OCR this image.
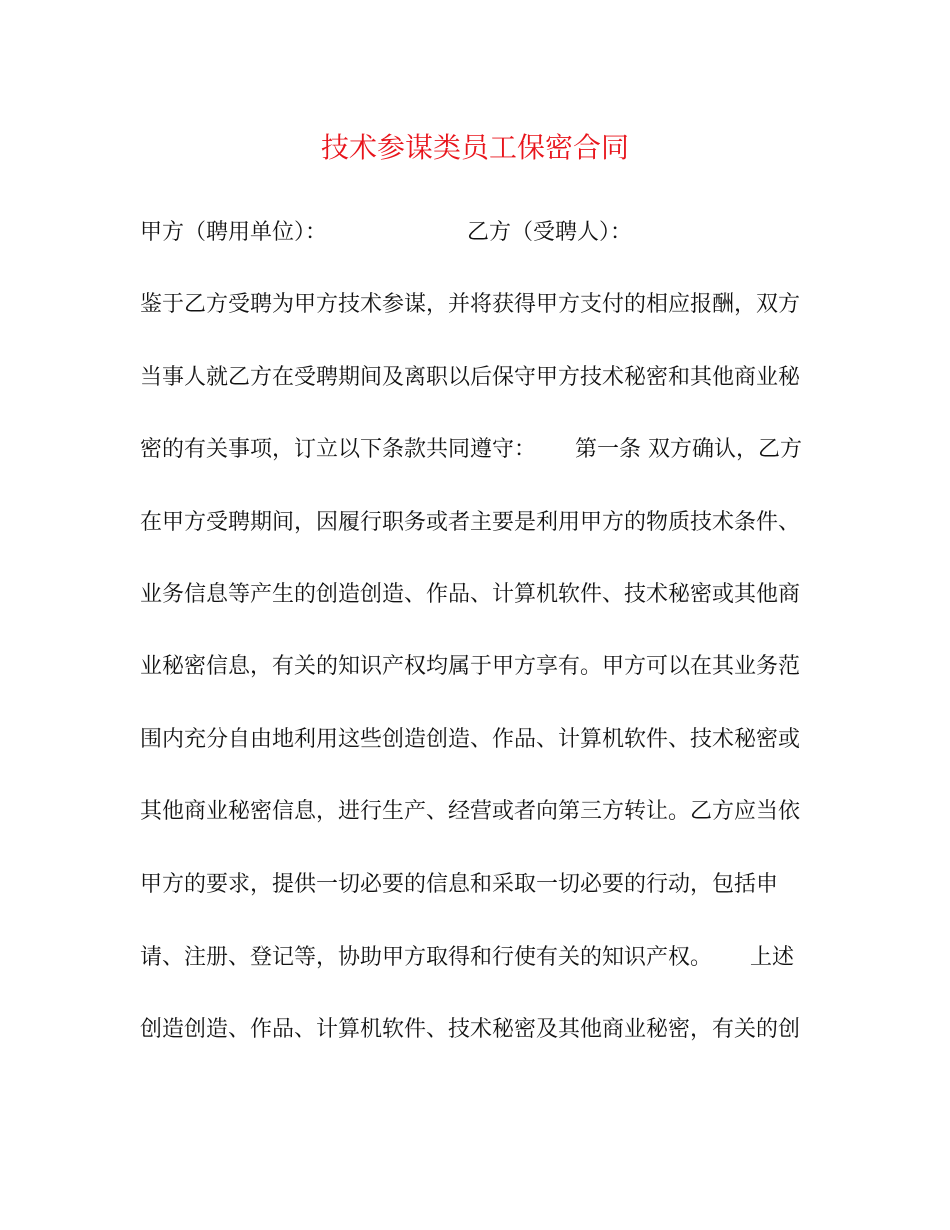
技术参谋类员工保密合同
甲方（聘用单位）：	乙方（受聘人）：
鉴于乙方受聘为甲方技术参谋，并将获得甲方支付的相应报酬，双方
当事人就乙方在受聘期间及离职以后保守甲方技术秘密和其他商业秘
密的有关事项，订立以下条款共同遵守： 第一条 双方确认，乙方
在甲方受聘期间，因履行职务或者主要是利用甲方的物质技术条件、
业务信息等产生的创造创造、作品、计算机软件、技术秘密或其他商
业秘密信息，有关的知识产权均属于甲方享有。甲方可以在其业务范
围内充分自由地利用这些创造创造、作品、计算机软件、技术秘密或
其他商业秘密信息，进行生产、经营或者向第三方转让。乙方应当依
甲方的要求，提供一切必要的信息和采取一切必要的行动，包括申
请、注册、登记等，协助甲方取得和行使有关的知识产权。 上述
创造创造、作品、计算机软件、技术秘密及其他商业秘密，有关的创
